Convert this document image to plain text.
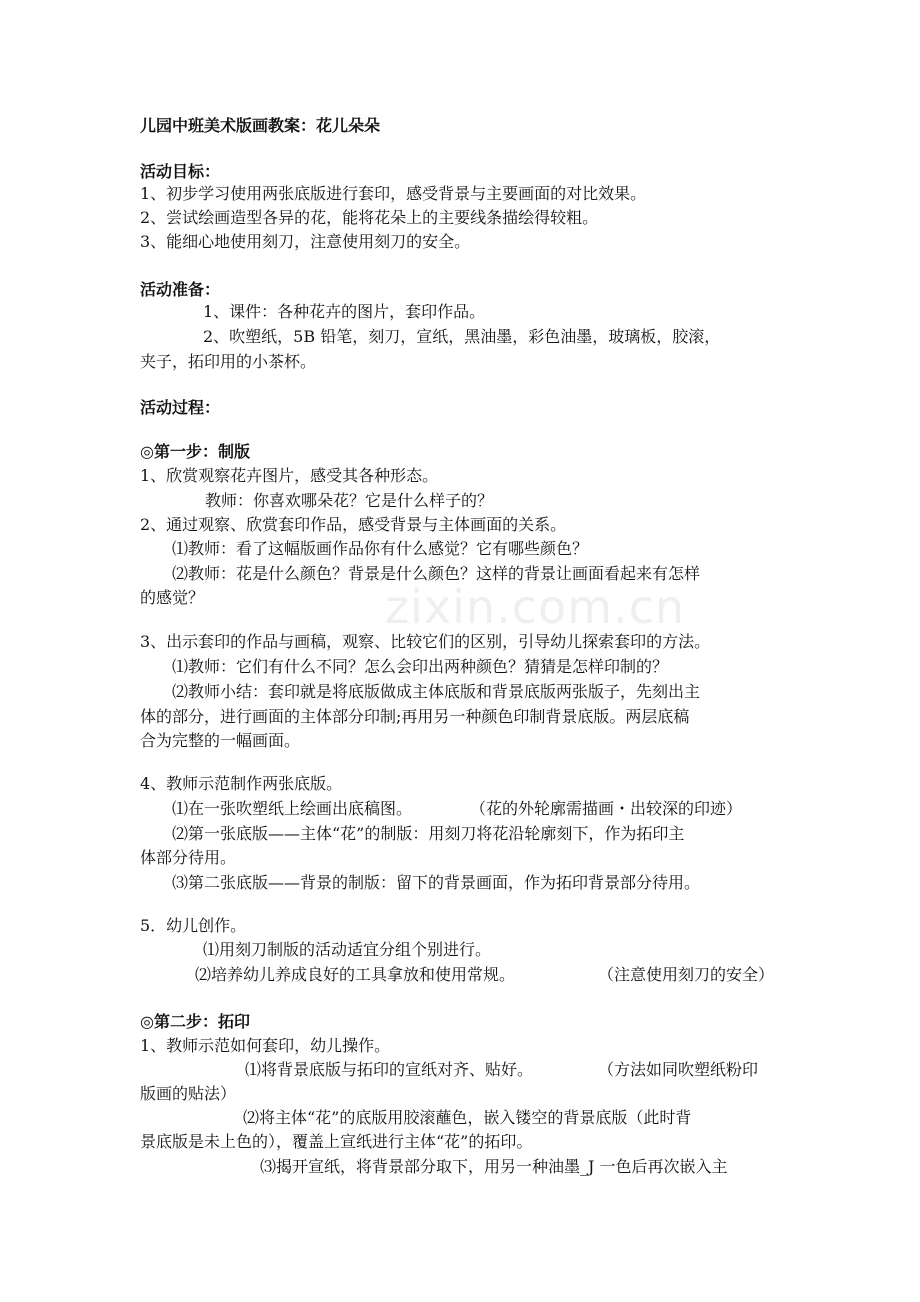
zixin.com.cn
儿园中班美术版画教案：花儿朵朵
活动目标：
1、初步学习使用两张底版进行套印，感受背景与主要画面的对比效果。
2、尝试绘画造型各异的花，能将花朵上的主要线条描绘得较粗。
3、能细心地使用刻刀，注意使用刻刀的安全。
活动准备：
1、课件：各种花卉的图片，套印作品。
2、吹塑纸，5B 铅笔，刻刀，宣纸，黑油墨，彩色油墨，玻璃板，胶滚，
夹子，拓印用的小茶杯。
活动过程：
◎第一步：制版
1、欣赏观察花卉图片，感受其各种形态。
教师：你喜欢哪朵花？它是什么样子的？
2、通过观察、欣赏套印作品，感受背景与主体画面的关系。
⑴教师：看了这幅版画作品你有什么感觉？它有哪些颜色？
⑵教师：花是什么颜色？背景是什么颜色？这样的背景让画面看起来有怎样
的感觉？
3、出示套印的作品与画稿，观察、比较它们的区别，引导幼儿探索套印的方法。
⑴教师：它们有什么不同？怎么会印出两种颜色？猜猜是怎样印制的？
⑵教师小结：套印就是将底版做成主体底版和背景底版两张版子，先刻出主
体的部分，进行画面的主体部分印制;再用另一种颜色印制背景底版。两层底稿
合为完整的一幅画面。
4、教师示范制作两张底版。
⑴在一张吹塑纸上绘画出底稿图。	（花的外轮廓需描画・出较深的印迹）
⑵第一张底版——主体“花”的制版：用刻刀将花沿轮廓刻下，作为拓印主
体部分待用。
⑶第二张底版——背景的制版：留下的背景画面，作为拓印背景部分待用。
5．幼儿创作。
⑴用刻刀制版的活动适宜分组个别进行。
⑵培养幼儿养成良好的工具拿放和使用常规。	（注意使用刻刀的安全）
◎第二步：拓印
1、教师示范如何套印，幼儿操作。
⑴将背景底版与拓印的宣纸对齐、贴好。	（方法如同吹塑纸粉印
版画的贴法）
⑵将主体“花”的底版用胶滚蘸色，嵌入镂空的背景底版（此时背
景底版是未上色的），覆盖上宣纸进行主体“花”的拓印。
⑶揭开宣纸，将背景部分取下，用另一种油墨_J 一色后再次嵌入主
